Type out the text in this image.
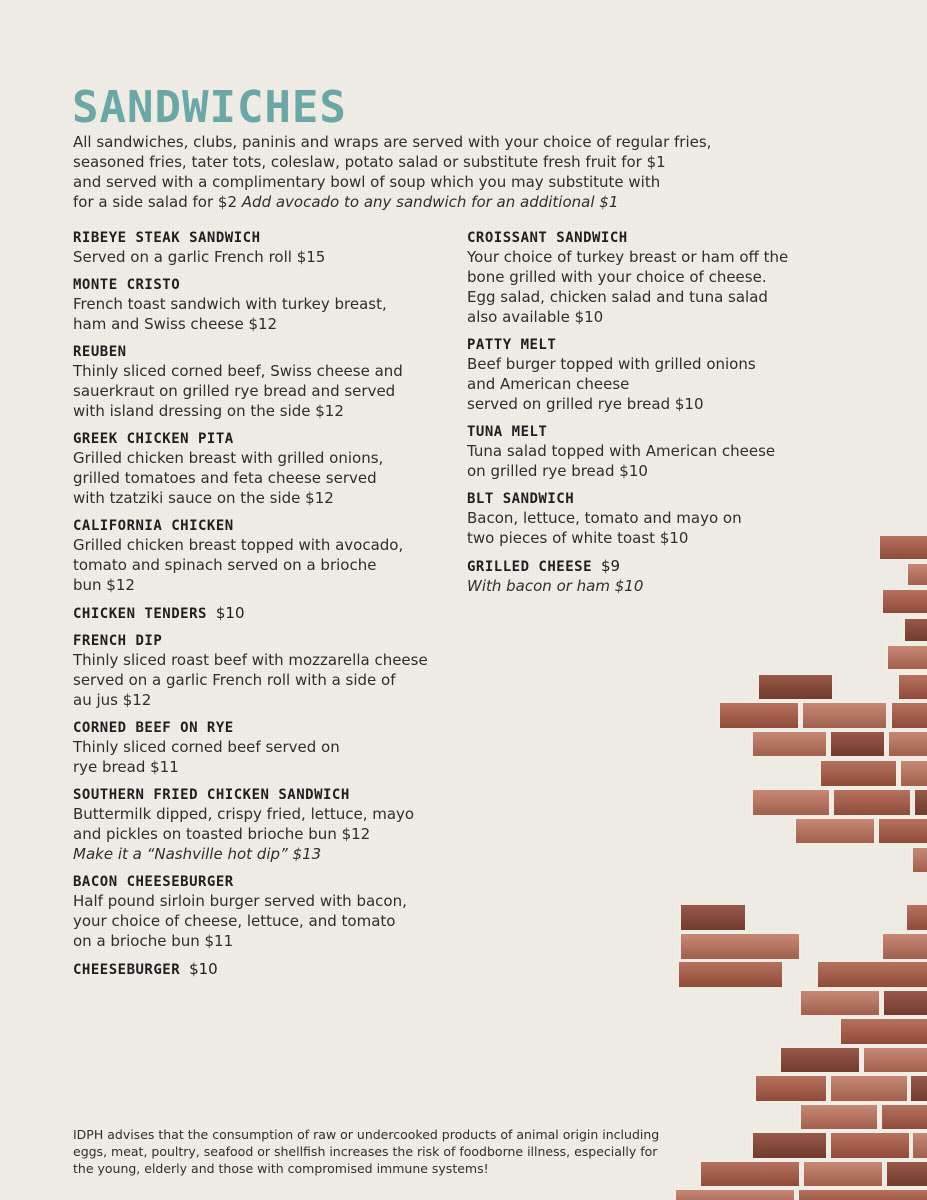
SANDWICHES

All sandwiches, clubs, paninis and wraps are served with your choice of regular fries,

seasoned fries, tater tots, coleslaw, potato salad or substitute fresh fruit for $1

and served with a complimentary bowl of soup which you may substitute with

for a side salad for $2 Add avocado to any sandwich for an additional $1

RIBEYE STEAK SANDWICH

Served on a garlic French roll $15

MONTE CRISTO

French toast sandwich with turkey breast,

ham and Swiss cheese $12

REUBEN

Thinly sliced corned beef, Swiss cheese and

sauerkraut on grilled rye bread and served

with island dressing on the side $12

GREEK CHICKEN PITA

Grilled chicken breast with grilled onions,

grilled tomatoes and feta cheese served

with tzatziki sauce on the side $12

CALIFORNIA CHICKEN

Grilled chicken breast topped with avocado,

tomato and spinach served on a brioche

bun $12

CHICKEN TENDERS $10
FRENCH DIP

Thinly sliced roast beef with mozzarella cheese

served on a garlic French roll with a side of

au jus $12

CORNED BEEF ON RYE

Thinly sliced corned beef served on

rye bread $11

SOUTHERN FRIED CHICKEN SANDWICH

Buttermilk dipped, crispy fried, lettuce, mayo

and pickles on toasted brioche bun $12

Make it a “Nashville hot dip” $13

BACON CHEESEBURGER

Half pound sirloin burger served with bacon,

your choice of cheese, lettuce, and tomato

on a brioche bun $11

CHEESEBURGER $10
CROISSANT SANDWICH

Your choice of turkey breast or ham off the

bone grilled with your choice of cheese.

Egg salad, chicken salad and tuna salad

also available $10

PATTY MELT

Beef burger topped with grilled onions

and American cheese

served on grilled rye bread $10

TUNA MELT

Tuna salad topped with American cheese

on grilled rye bread $10

BLT SANDWICH

Bacon, lettuce, tomato and mayo on

two pieces of white toast $10

GRILLED CHEESE $9

With bacon or ham $10

IDPH advises that the consumption of raw or undercooked products of animal origin including

eggs, meat, poultry, seafood or shellfish increases the risk of foodborne illness, especially for

the young, elderly and those with compromised immune systems!
